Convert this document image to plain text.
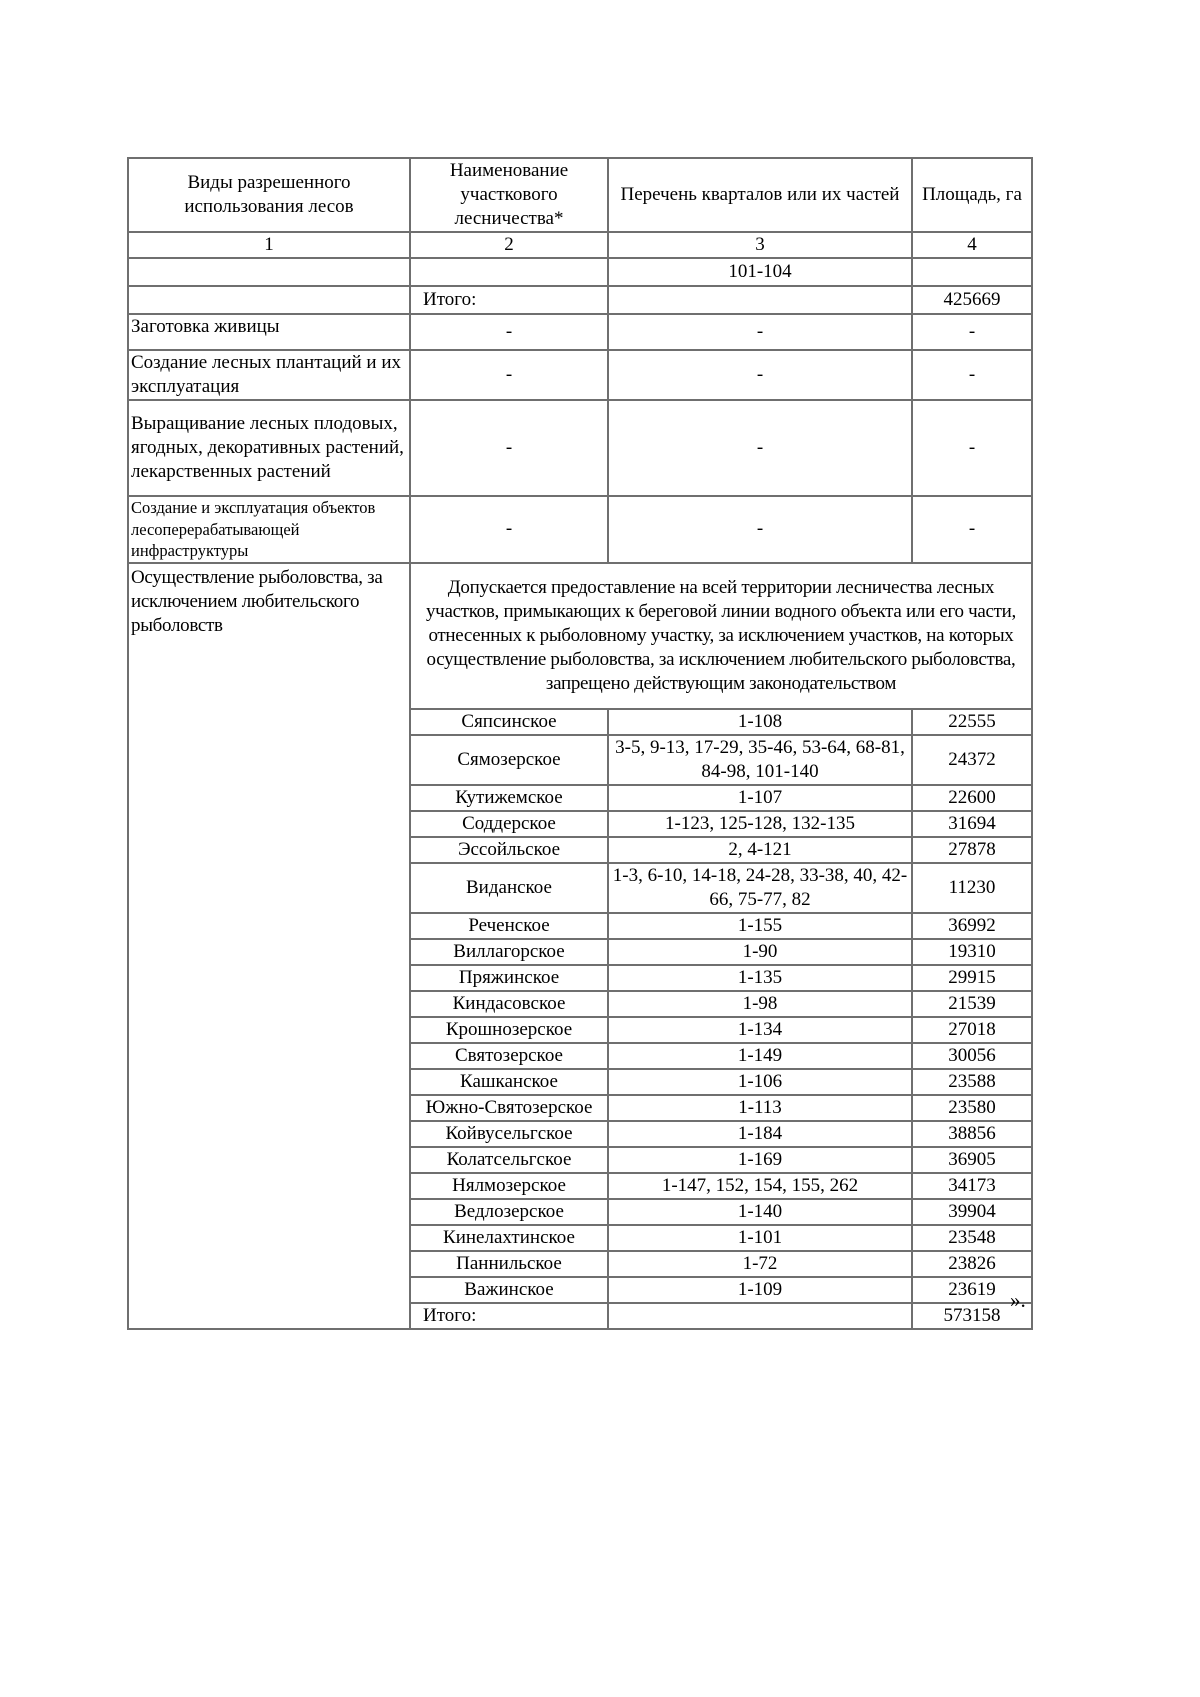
Виды разрешенного использования лесов	Наименование участкового лесничества*	Перечень кварталов или их частей	Площадь, га
1	2	3	4
		101-104	
	Итого:		425669
Заготовка живицы	-	-	-
Создание лесных плантаций и их эксплуатация	-	-	-
Выращивание лесных плодовых, ягодных, декоративных растений, лекарственных растений	-	-	-
Создание и эксплуатация объектов лесоперерабатывающей инфраструктуры	-	-	-
Осуществление рыболовства, за исключением любительского рыболовств	Допускается предоставление на всей территории лесничества лесных участков, примыкающих к береговой линии водного объекта или его части, отнесенных к рыболовному участку, за исключением участков, на которых осуществление рыболовства, за исключением любительского рыболовства, запрещено действующим законодательством		
	Сяпсинское	1-108	22555
	Сямозерское	3-5, 9-13, 17-29, 35-46, 53-64, 68-81, 84-98, 101-140	24372
	Кутижемское	1-107	22600
	Соддерское	1-123, 125-128, 132-135	31694
	Эссойльское	2, 4-121	27878
	Виданское	1-3, 6-10, 14-18, 24-28, 33-38, 40, 42-66, 75-77, 82	11230
	Реченское	1-155	36992
	Виллагорское	1-90	19310
	Пряжинское	1-135	29915
	Киндасовское	1-98	21539
	Крошнозерское	1-134	27018
	Святозерское	1-149	30056
	Кашканское	1-106	23588
	Южно-Святозерское	1-113	23580
	Койвусельгское	1-184	38856
	Колатсельгское	1-169	36905
	Нялмозерское	1-147, 152, 154, 155, 262	34173
	Ведлозерское	1-140	39904
	Кинелахтинское	1-101	23548
	Паннильское	1-72	23826
	Важинское	1-109	23619
	Итого:		573158
».
